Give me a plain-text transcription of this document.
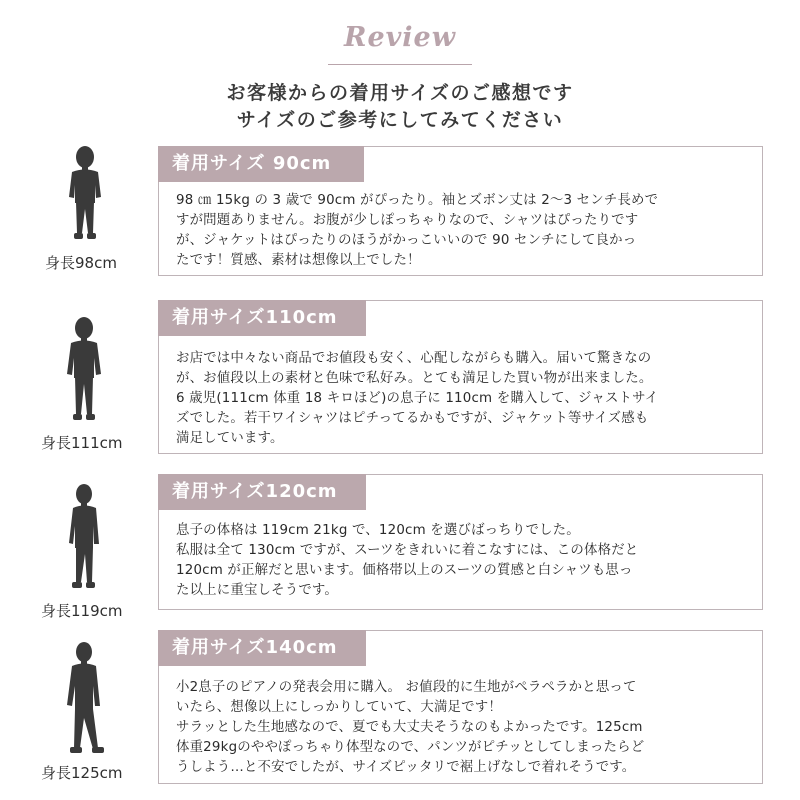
Review
お客様からの着用サイズのご感想です
サイズのご参考にしてみてください
身長98cm
着用サイズ 90cm

98 ㎝ 15kg の 3 歳で 90cm がぴったり。袖とズボン丈は 2～3 センチ長めで

すが問題ありません。お腹が少しぽっちゃりなので、シャツはぴったりです

が、ジャケットはぴったりのほうがかっこいいので 90 センチにして良かっ

たです！質感、素材は想像以上でした！

身長111cm
着用サイズ110cm

お店では中々ない商品でお値段も安く、心配しながらも購入。届いて驚きなの

が、お値段以上の素材と色味で私好み。とても満足した買い物が出来ました。

6 歳児(111cm 体重 18 キロほど)の息子に 110cm を購入して、ジャストサイ

ズでした。若干ワイシャツはピチってるかもですが、ジャケット等サイズ感も

満足しています。

身長119cm
着用サイズ120cm

息子の体格は 119cm 21kg で、120cm を選びばっちりでした。

私服は全て 130cm ですが、スーツをきれいに着こなすには、この体格だと

120cm が正解だと思います。価格帯以上のスーツの質感と白シャツも思っ

た以上に重宝しそうです。

身長125cm
着用サイズ140cm

小2息子のピアノの発表会用に購入。 お値段的に生地がペラペラかと思って

いたら、想像以上にしっかりしていて、大満足です！

サラッとした生地感なので、夏でも大丈夫そうなのもよかったです。125cm

体重29kgのややぽっちゃり体型なので、パンツがピチッとしてしまったらど

うしよう…と不安でしたが、サイズピッタリで裾上げなしで着れそうです。
